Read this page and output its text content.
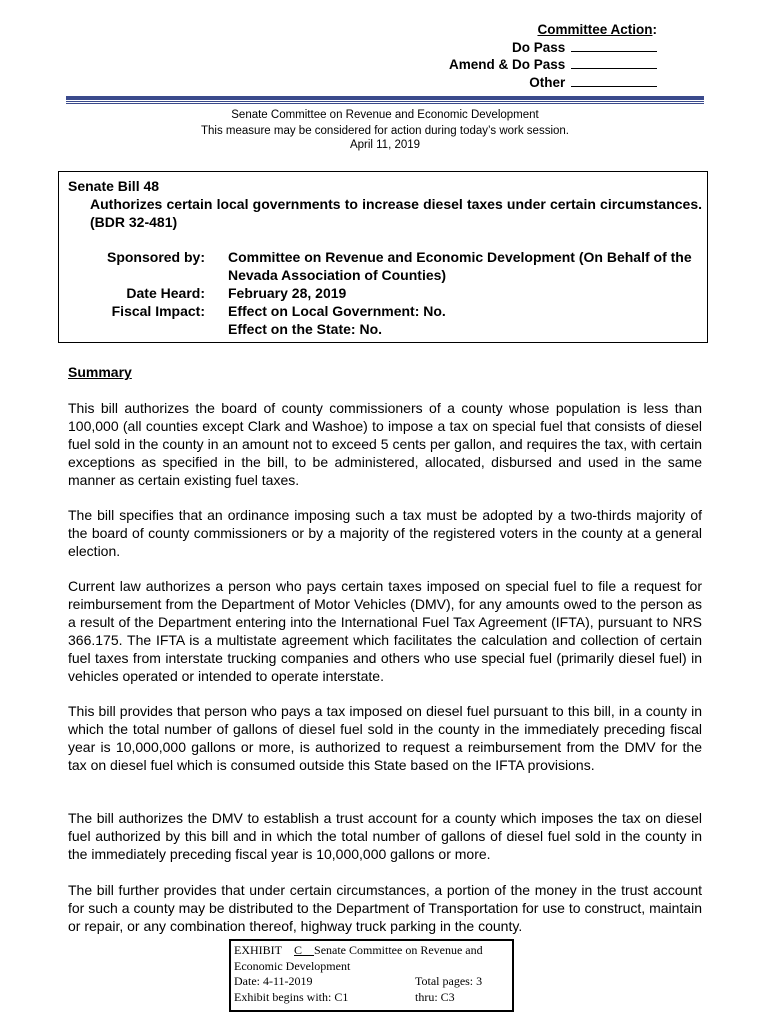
Committee Action:
Do Pass
Amend & Do Pass
Other
Senate Committee on Revenue and Economic Development
This measure may be considered for action during today’s work session.
April 11, 2019
Senate Bill 48
Authorizes certain local governments to increase diesel taxes under certain circumstances. (BDR 32-481)
Sponsored by: Committee on Revenue and Economic Development (On Behalf of the Nevada Association of Counties)
Date Heard: February 28, 2019
Fiscal Impact: Effect on Local Government: No.
Effect on the State: No.
Summary

This bill authorizes the board of county commissioners of a county whose population is less than 100,000 (all counties except Clark and Washoe) to impose a tax on special fuel that consists of diesel fuel sold in the county in an amount not to exceed 5 cents per gallon, and requires the tax, with certain exceptions as specified in the bill, to be administered, allocated, disbursed and used in the same manner as certain existing fuel taxes.

The bill specifies that an ordinance imposing such a tax must be adopted by a two-thirds majority of the board of county commissioners or by a majority of the registered voters in the county at a general election.

Current law authorizes a person who pays certain taxes imposed on special fuel to file a request for reimbursement from the Department of Motor Vehicles (DMV), for any amounts owed to the person as a result of the Department entering into the International Fuel Tax Agreement (IFTA), pursuant to NRS 366.175. The IFTA is a multistate agreement which facilitates the calculation and collection of certain fuel taxes from interstate trucking companies and others who use special fuel (primarily diesel fuel) in vehicles operated or intended to operate interstate.

This bill provides that person who pays a tax imposed on diesel fuel pursuant to this bill, in a county in which the total number of gallons of diesel fuel sold in the county in the immediately preceding fiscal year is 10,000,000 gallons or more, is authorized to request a reimbursement from the DMV for the tax on diesel fuel which is consumed outside this State based on the IFTA provisions.

The bill authorizes the DMV to establish a trust account for a county which imposes the tax on diesel fuel authorized by this bill and in which the total number of gallons of diesel fuel sold in the county in the immediately preceding fiscal year is 10,000,000 gallons or more.

The bill further provides that under certain circumstances, a portion of the money in the trust account for such a county may be distributed to the Department of Transportation for use to construct, maintain or repair, or any combination thereof, highway truck parking in the county.

EXHIBIT C Senate Committee on Revenue and
Economic Development
Date: 4-11-2019	Total pages: 3
Exhibit begins with: C1	thru: C3
